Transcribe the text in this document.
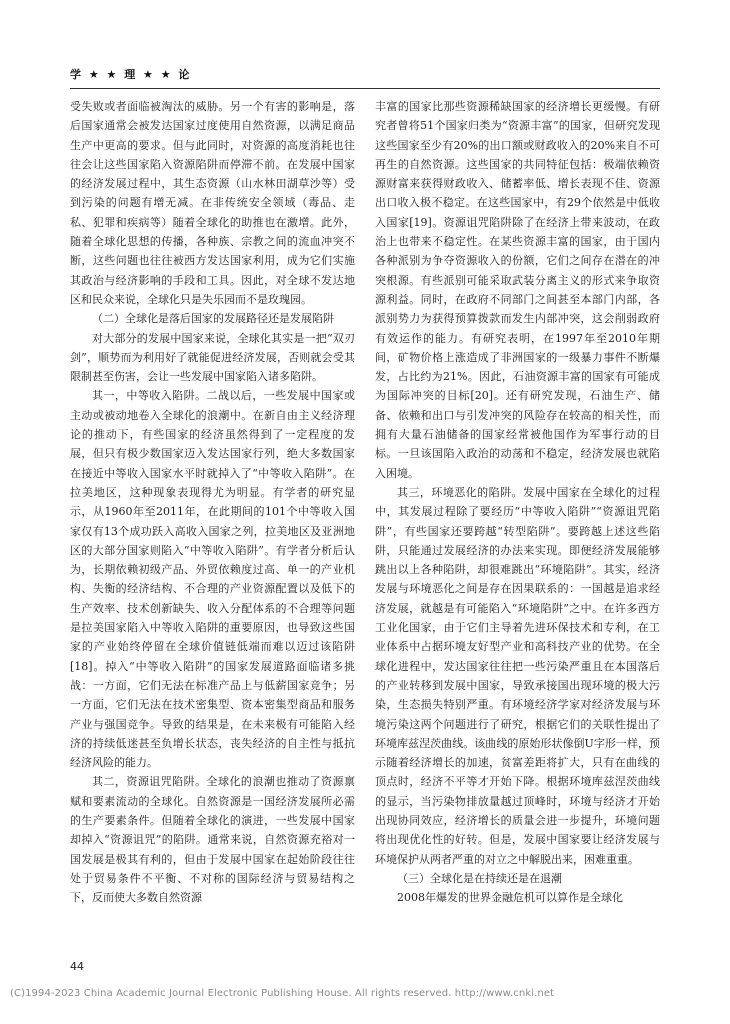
学 ★ ★ 理 ★ ★ 论

受失败或者面临被淘汰的威胁。另一个有害的影响是，落后国家通常会被发达国家过度使用自然资源，以满足商品生产中更高的要求。但与此同时，对资源的高度消耗也往往会让这些国家陷入资源陷阱而停滞不前。在发展中国家的经济发展过程中，其生态资源（山水林田湖草沙等）受到污染的问题有增无减。在非传统安全领域（毒品、走私、犯罪和疾病等）随着全球化的助推也在激增。此外，随着全球化思想的传播，各种族、宗教之间的流血冲突不断，这些问题也往往被西方发达国家利用，成为它们实施其政治与经济影响的手段和工具。因此，对全球不发达地区和民众来说，全球化只是失乐园而不是玫瑰园。

（二）全球化是落后国家的发展路径还是发展陷阱

对大部分的发展中国家来说，全球化其实是一把“双刃剑”，顺势而为利用好了就能促进经济发展，否则就会受其限制甚至伤害，会让一些发展中国家陷入诸多陷阱。

其一，中等收入陷阱。二战以后，一些发展中国家或主动或被动地卷入全球化的浪潮中。在新自由主义经济理论的推动下，有些国家的经济虽然得到了一定程度的发展，但只有极少数国家迈入发达国家行列，绝大多数国家在接近中等收入国家水平时就掉入了“中等收入陷阱”。在拉美地区，这种现象表现得尤为明显。有学者的研究显示，从1960年至2011年，在此期间的101个中等收入国家仅有13个成功跃入高收入国家之列，拉美地区及亚洲地区的大部分国家则陷入“中等收入陷阱”。有学者分析后认为，长期依赖初级产品、外贸依赖度过高、单一的产业机构、失衡的经济结构、不合理的产业资源配置以及低下的生产效率、技术创新缺失、收入分配体系的不合理等问题是拉美国家陷入中等收入陷阱的重要原因，也导致这些国家的产业始终停留在全球价值链低端而难以迈过该陷阱[18]。掉入“中等收入陷阱”的国家发展道路面临诸多挑战：一方面，它们无法在标准产品上与低薪国家竞争；另一方面，它们无法在技术密集型、资本密集型商品和服务产业与强国竞争。导致的结果是，在未来极有可能陷入经济的持续低迷甚至负增长状态，丧失经济的自主性与抵抗经济风险的能力。

其二，资源诅咒陷阱。全球化的浪潮也推动了资源禀赋和要素流动的全球化。自然资源是一国经济发展所必需的生产要素条件。但随着全球化的演进，一些发展中国家却掉入“资源诅咒”的陷阱。通常来说，自然资源充裕对一国发展是极其有利的，但由于发展中国家在起始阶段往往处于贸易条件不平衡、不对称的国际经济与贸易结构之下，反而使大多数自然资源

丰富的国家比那些资源稀缺国家的经济增长更缓慢。有研究者曾将51个国家归类为“资源丰富”的国家，但研究发现这些国家至少有20%的出口额或财政收入的20%来自不可再生的自然资源。这些国家的共同特征包括：极端依赖资源财富来获得财政收入、储蓄率低、增长表现不佳、资源出口收入极不稳定。在这些国家中，有29个依然是中低收入国家[19]。资源诅咒陷阱除了在经济上带来波动，在政治上也带来不稳定性。在某些资源丰富的国家，由于国内各种派别为争夺资源收入的份额，它们之间存在潜在的冲突根源。有些派别可能采取武装分离主义的形式来争取资源利益。同时，在政府不同部门之间甚至本部门内部，各派别势力为获得预算拨款而发生内部冲突，这会削弱政府有效运作的能力。有研究表明，在1997年至2010年期间，矿物价格上涨造成了非洲国家的一级暴力事件不断爆发，占比约为21%。因此，石油资源丰富的国家有可能成为国际冲突的目标[20]。还有研究发现，石油生产、储备、依赖和出口与引发冲突的风险存在较高的相关性，而拥有大量石油储备的国家经常被他国作为军事行动的目标。一旦该国陷入政治的动荡和不稳定，经济发展也就陷入困境。

其三，环境恶化的陷阱。发展中国家在全球化的过程中，其发展过程除了要经历“中等收入陷阱”“资源诅咒陷阱”，有些国家还要跨越“转型陷阱”。要跨越上述这些陷阱，只能通过发展经济的办法来实现。即便经济发展能够跳出以上各种陷阱，却很难跳出“环境陷阱”。其实，经济发展与环境恶化之间是存在因果联系的：一国越是追求经济发展，就越是有可能陷入“环境陷阱”之中。在许多西方工业化国家，由于它们主导着先进环保技术和专利，在工业体系中占据环境友好型产业和高科技产业的优势。在全球化进程中，发达国家往往把一些污染严重且在本国落后的产业转移到发展中国家，导致承接国出现环境的极大污染，生态损失特别严重。有环境经济学家对经济发展与环境污染这两个问题进行了研究，根据它们的关联性提出了环境库兹涅茨曲线。该曲线的原始形状像倒U字形一样，预示随着经济增长的加速，贫富差距将扩大，只有在曲线的顶点时，经济不平等才开始下降。根据环境库兹涅茨曲线的显示，当污染物排放量越过顶峰时，环境与经济才开始出现协同效应，经济增长的质量会进一步提升，环境问题将出现优化性的好转。但是，发展中国家要让经济发展与环境保护从两者严重的对立之中解脱出来，困难重重。

（三）全球化是在持续还是在退潮

2008年爆发的世界金融危机可以算作是全球化

44
(C)1994-2023 China Academic Journal Electronic Publishing House. All rights reserved. http://www.cnki.net
